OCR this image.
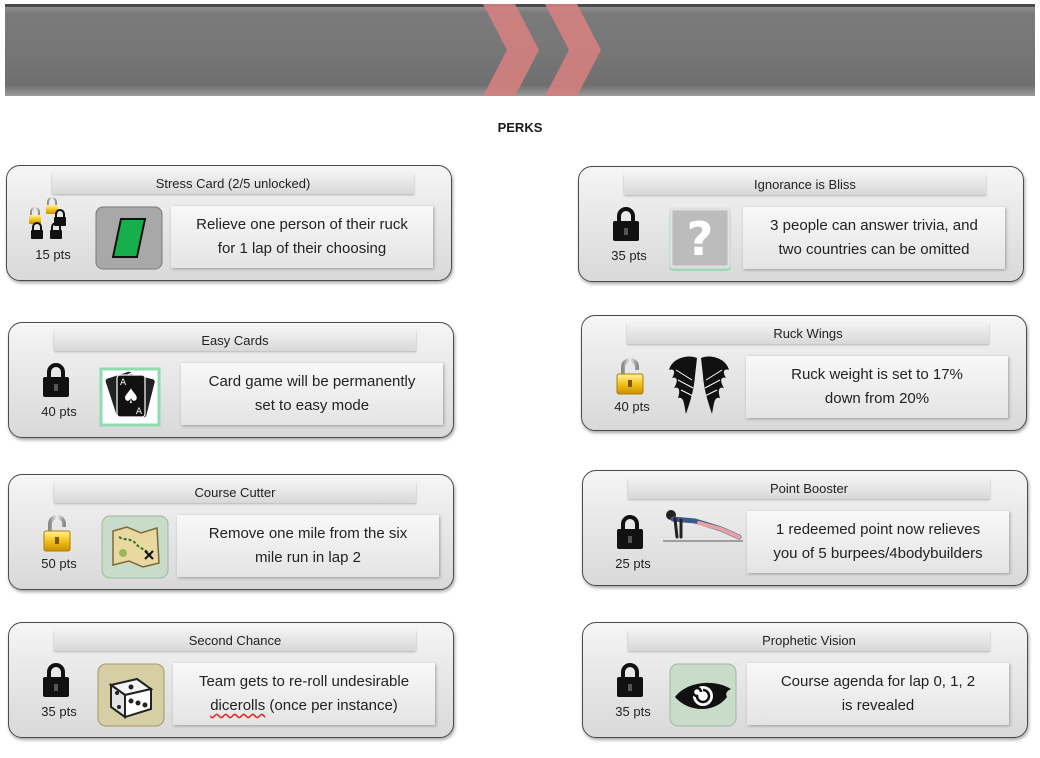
PERKS
Stress Card (2/5 unlocked)
15 pts
Relieve one person of their ruck
for 1 lap of their choosing
Ignorance is Bliss
35 pts ?	3 people can answer trivia, and
two countries can be omitted
Easy Cards
40 pts
A
♠
A
Card game will be permanently
set to easy mode
Ruck Wings
40 pts
Ruck weight is set to 17%
down from 20%
Course Cutter
50 pts
Remove one mile from the six
mile run in lap 2
Point Booster
25 pts
1 redeemed point now relieves
you of 5 burpees/4bodybuilders
Second Chance
35 pts
Team gets to re-roll undesirable
dicerolls (once per instance)
Prophetic Vision
35 pts
Course agenda for lap 0, 1, 2
is revealed
